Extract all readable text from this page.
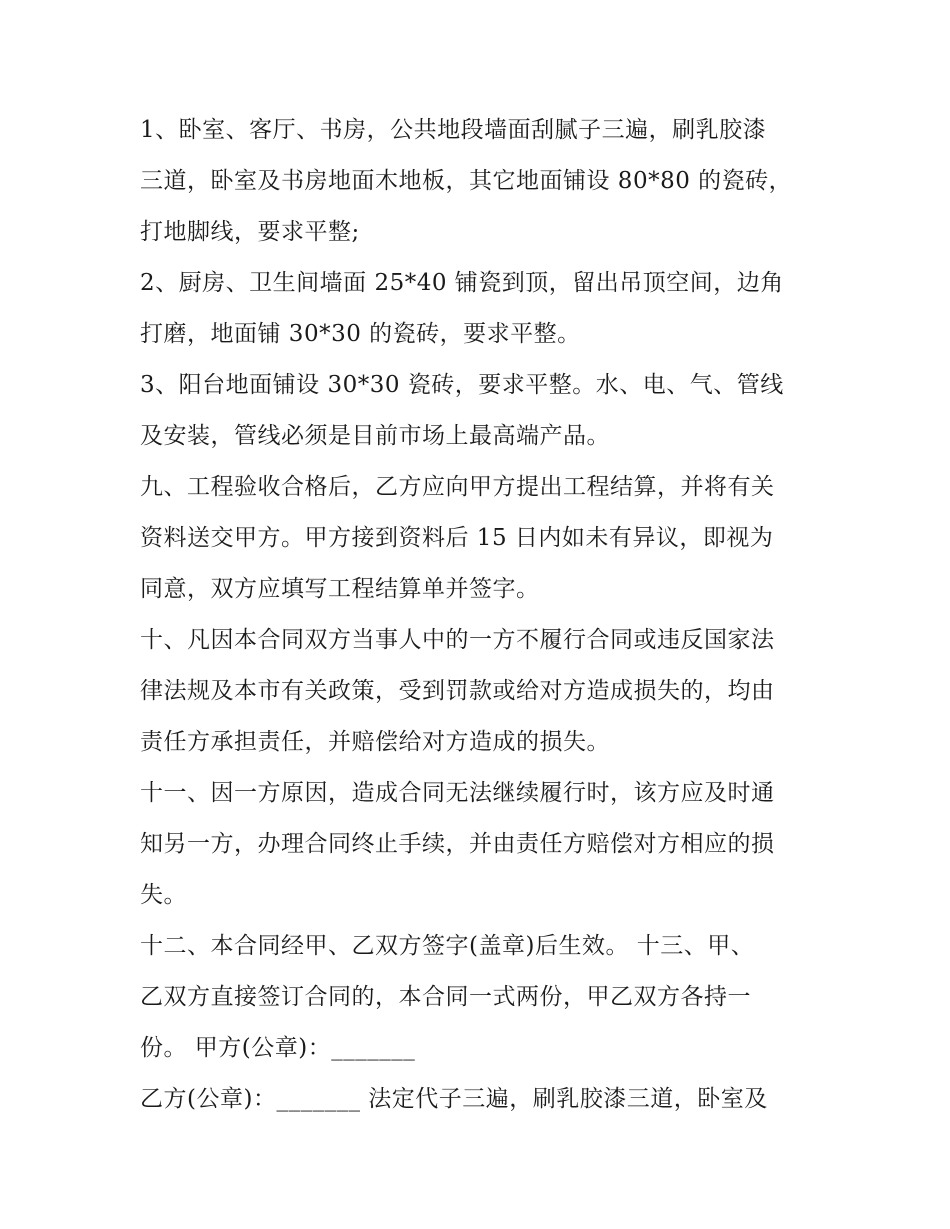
1、卧室、客厅、书房，公共地段墙面刮腻子三遍，刷乳胶漆
三道，卧室及书房地面木地板，其它地面铺设 80*80 的瓷砖，
打地脚线，要求平整;
2、厨房、卫生间墙面 25*40 铺瓷到顶，留出吊顶空间，边角
打磨，地面铺 30*30 的瓷砖，要求平整。
3、阳台地面铺设 30*30 瓷砖，要求平整。水、电、气、管线
及安装，管线必须是目前市场上最高端产品。
九、工程验收合格后，乙方应向甲方提出工程结算，并将有关
资料送交甲方。甲方接到资料后 15 日内如未有异议，即视为
同意，双方应填写工程结算单并签字。
十、凡因本合同双方当事人中的一方不履行合同或违反国家法
律法规及本市有关政策，受到罚款或给对方造成损失的，均由
责任方承担责任，并赔偿给对方造成的损失。
十一、因一方原因，造成合同无法继续履行时，该方应及时通
知另一方，办理合同终止手续，并由责任方赔偿对方相应的损
失。
十二、本合同经甲、乙双方签字(盖章)后生效。 十三、甲、
乙双方直接签订合同的，本合同一式两份，甲乙双方各持一
份。 甲方(公章)：_______
乙方(公章)：_______ 法定代子三遍，刷乳胶漆三道，卧室及
